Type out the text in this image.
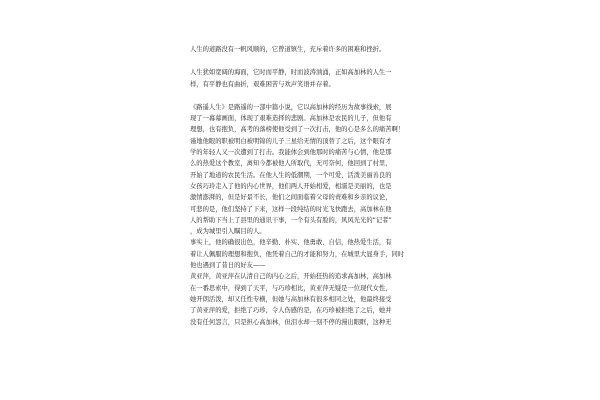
人生的道路没有一帆风顺的，它曾道镇生，充斥着许多的困难和挫折。
人生犹如宽阔的海面，它时而平静，时而波涛汹涌，正如高加林的人生一
样，有平静也有曲折，艰难困苦与欢声笑语并存着。
《路遥人生》是路遥的一部中篇小说，它以高加林的经历为故事线索，展
现了一幕幕画面，体现了艰难造择的悲剧。高加林是农民的儿子，但他有
理想，也有抱负，高考的落榜使他受到了一次打击，他的心是多么的痛苦啊！
谨地他眼的职被明白被明锦的儿子三星给无情的顶替了之后，这个眼有才
学的年轻人又一次遭到了打击。我能体会到他那时的痛苦与心情，他是那
么的热爱这个教室，离知今都被他人所取代，无可奈何，他回到了村里，
开始了地道的农民生活。在他人生的低潮期，一个可爱、活泼美丽善良的
女孩巧玲走入了他的内心世界，他们两人开始相爱，相濡是美丽的，也是
激情澎湃的，但是好景不长，他们之间面临着父母的责难和乡亲的议论，
可悲的是，他们坚持了下来，这样一段纯结的时光飞快跑去，高加林在他
人的帮助下当上了县里的通讯干事，一个有头有脸的，风风光光的“记者”
，成为城里引人瞩目的人。
事实上，他的确很出色，他辛勤、朴实、他勇敢、自信，他热爱生活，有
着让人佩服的理想和抱负，他凭着自己的才能和努力，在城里大显身手，同时
他也遇到了昔日的好友——
黄亚萍，黄亚萍在认清自己的内心之后，开始狂热的追求高加林，高加林
在一番思索中，得到了天平，与巧珍相比，黄亚萍无疑是一位现代女性，
她开朗活泼，却又任性专横，但她与高加林有很多相同之处，他最终接受
了黄亚萍的爱，拒绝了巧珍，令人伤感的是，在巧珍被拒绝了之后，她并
没有任何怨言，只是担心高加林，但泪水却一刻不停的漫出眼眶，这种无
